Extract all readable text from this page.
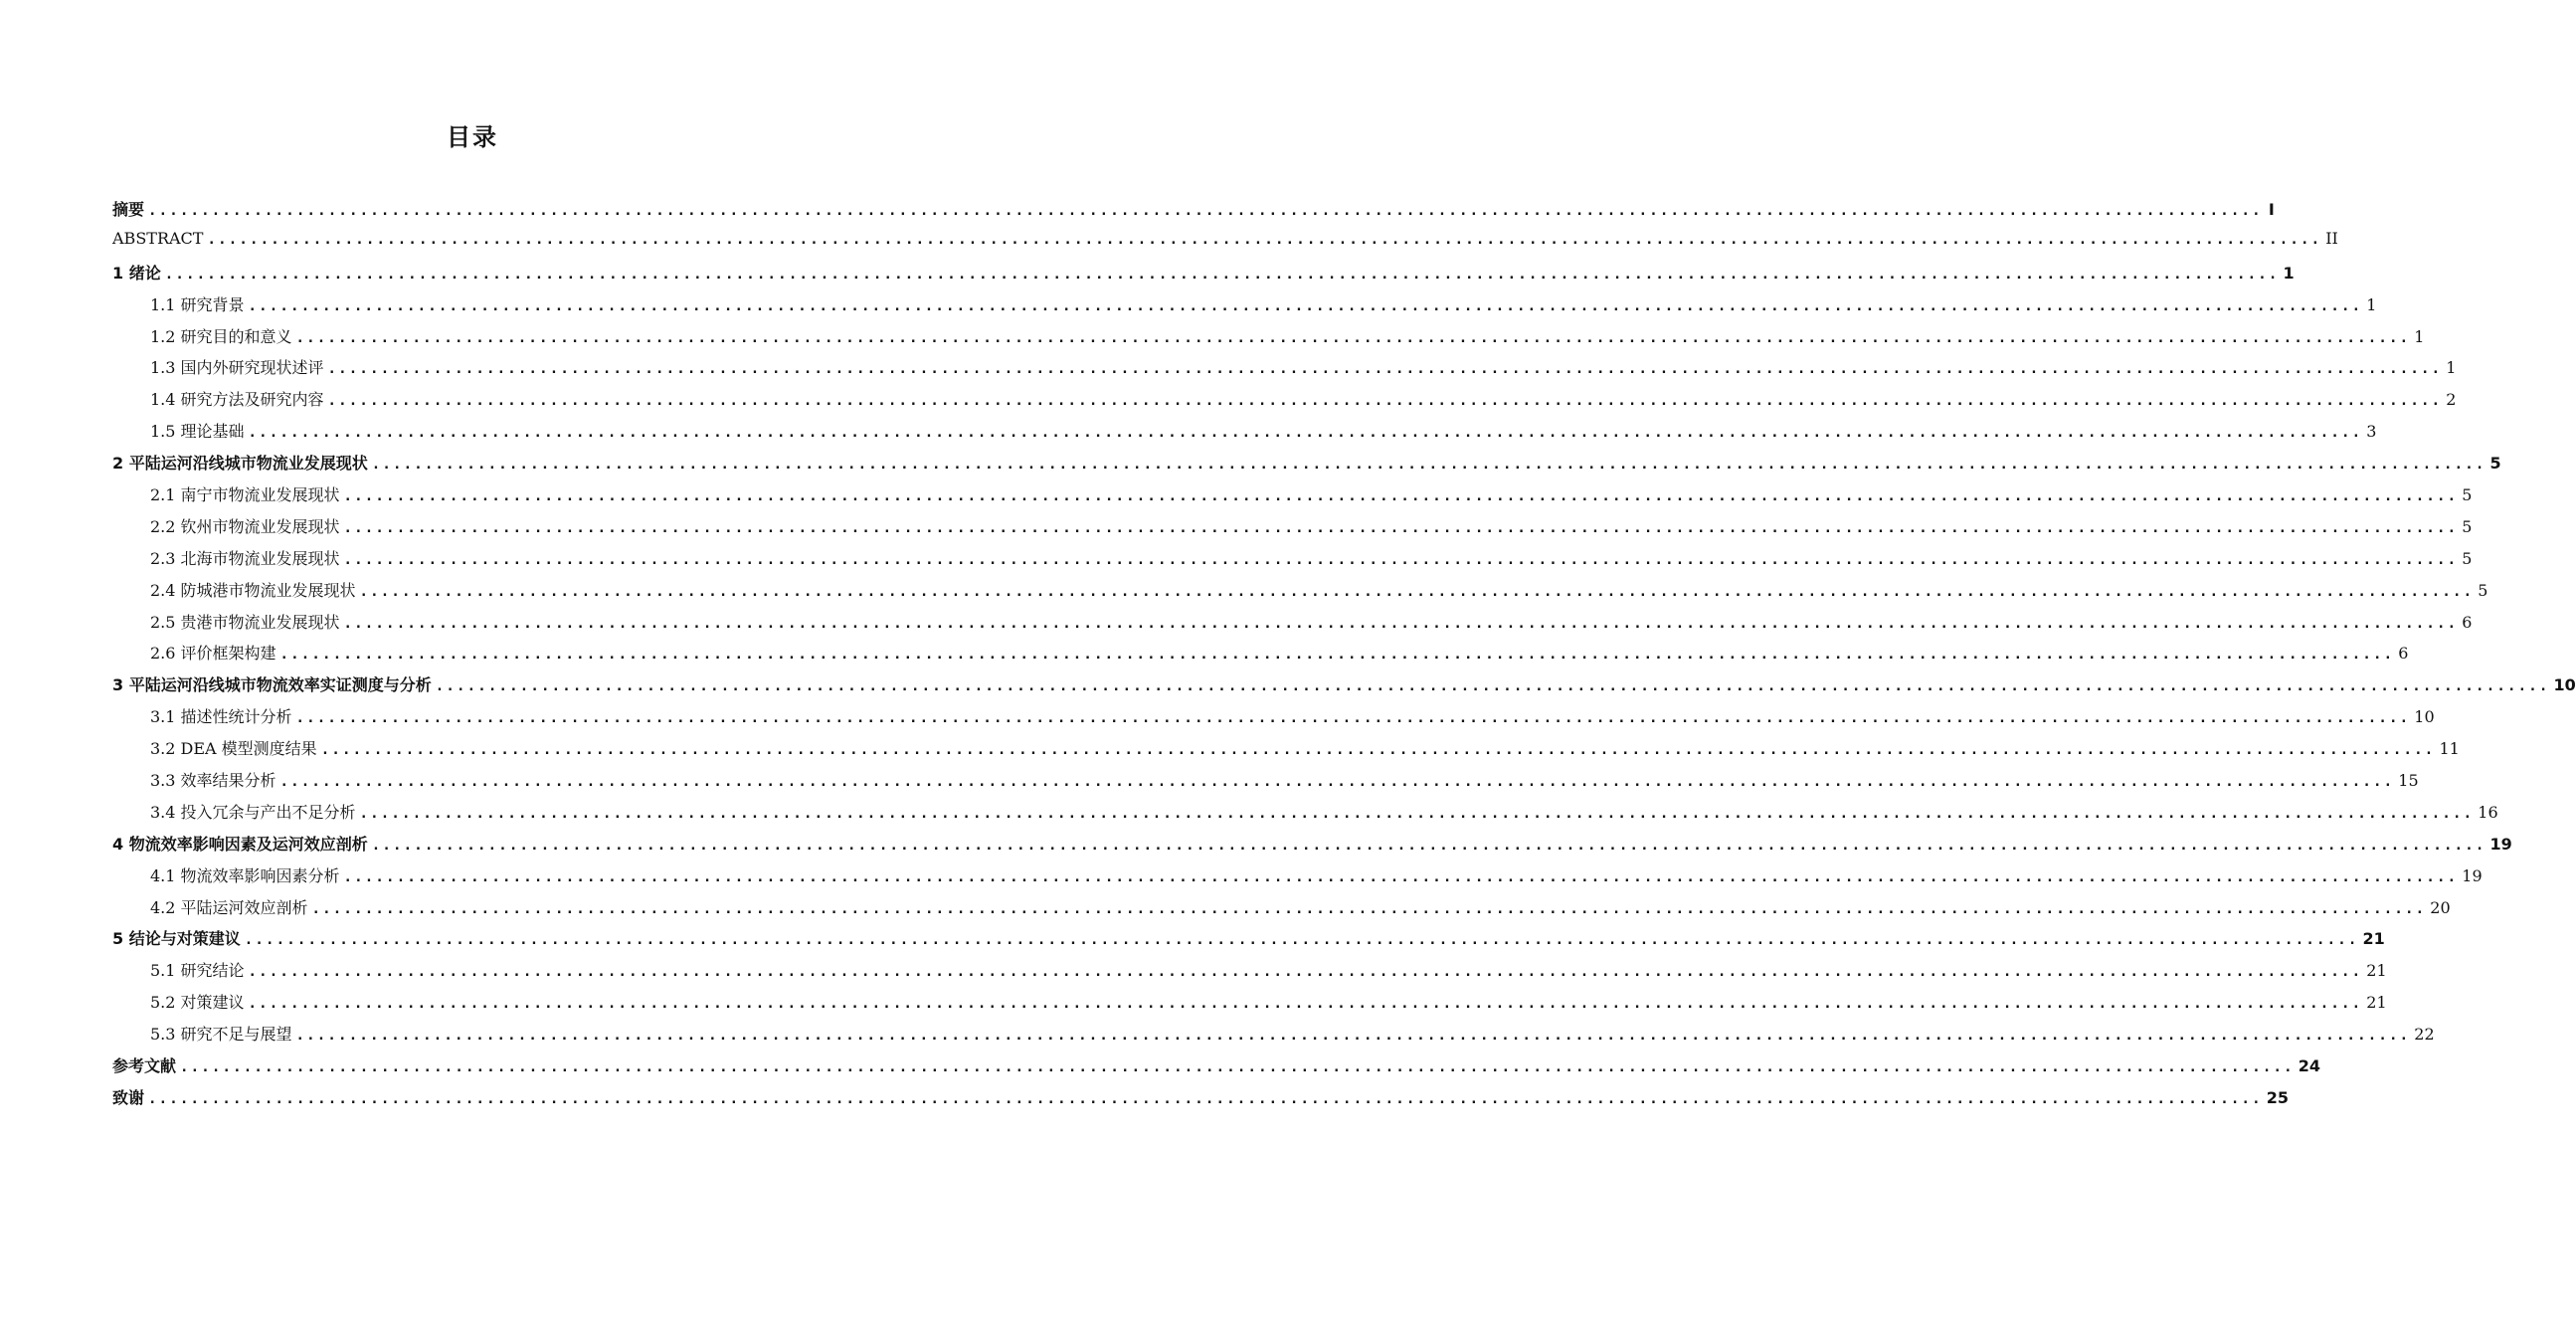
目录
摘要 ........................................................................................................................................................................................................ I
ABSTRACT ........................................................................................................................................................................................................ II
1 绪论 ........................................................................................................................................................................................................ 1
1.1 研究背景 ........................................................................................................................................................................................................ 1
1.2 研究目的和意义 ........................................................................................................................................................................................................ 1
1.3 国内外研究现状述评 ........................................................................................................................................................................................................ 1
1.4 研究方法及研究内容 ........................................................................................................................................................................................................ 2
1.5 理论基础 ........................................................................................................................................................................................................ 3
2 平陆运河沿线城市物流业发展现状 ........................................................................................................................................................................................................ 5
2.1 南宁市物流业发展现状 ........................................................................................................................................................................................................ 5
2.2 钦州市物流业发展现状 ........................................................................................................................................................................................................ 5
2.3 北海市物流业发展现状 ........................................................................................................................................................................................................ 5
2.4 防城港市物流业发展现状 ........................................................................................................................................................................................................ 5
2.5 贵港市物流业发展现状 ........................................................................................................................................................................................................ 6
2.6 评价框架构建 ........................................................................................................................................................................................................ 6
3 平陆运河沿线城市物流效率实证测度与分析 ........................................................................................................................................................................................................ 10
3.1 描述性统计分析 ........................................................................................................................................................................................................ 10
3.2 DEA 模型测度结果 ........................................................................................................................................................................................................ 11
3.3 效率结果分析 ........................................................................................................................................................................................................ 15
3.4 投入冗余与产出不足分析 ........................................................................................................................................................................................................ 16
4 物流效率影响因素及运河效应剖析 ........................................................................................................................................................................................................ 19
4.1 物流效率影响因素分析 ........................................................................................................................................................................................................ 19
4.2 平陆运河效应剖析 ........................................................................................................................................................................................................ 20
5 结论与对策建议 ........................................................................................................................................................................................................ 21
5.1 研究结论 ........................................................................................................................................................................................................ 21
5.2 对策建议 ........................................................................................................................................................................................................ 21
5.3 研究不足与展望 ........................................................................................................................................................................................................ 22
参考文献 ........................................................................................................................................................................................................ 24
致谢 ........................................................................................................................................................................................................ 25
